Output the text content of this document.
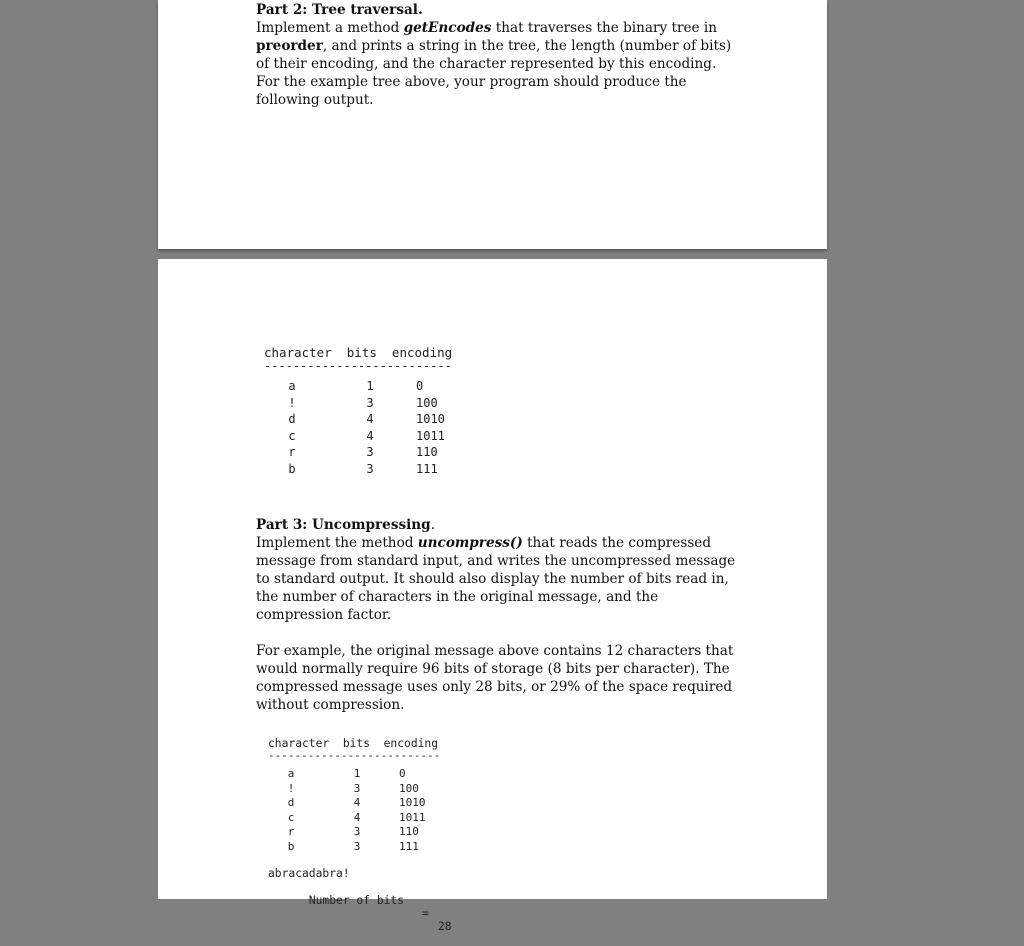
Part 2: Tree traversal.

Implement a method getEncodes that traverses the binary tree in preorder, and prints a string in the tree, the length (number of bits) of their encoding, and the character represented by this encoding. For the example tree above, your program should produce the following output.

character  bits  encoding
--------------------------
a	1	0
!	3	100
d	4	1010
c	4	1011
r	3	110
b	3	111
Part 3: Uncompressing.

Implement the method uncompress() that reads the compressed message from standard input, and writes the uncompressed message to standard output. It should also display the number of bits read in, the number of characters in the original message, and the compression factor.

For example, the original message above contains 12 characters that would normally require 96 bits of storage (8 bits per character). The compressed message uses only 28 bits, or 29% of the space required without compression.

character  bits  encoding
--------------------------
a	1	0
!	3	100
d	4	1010
c	4	1011
r	3	110
b	3	111
abracadabra!

Number of bits

=

28
